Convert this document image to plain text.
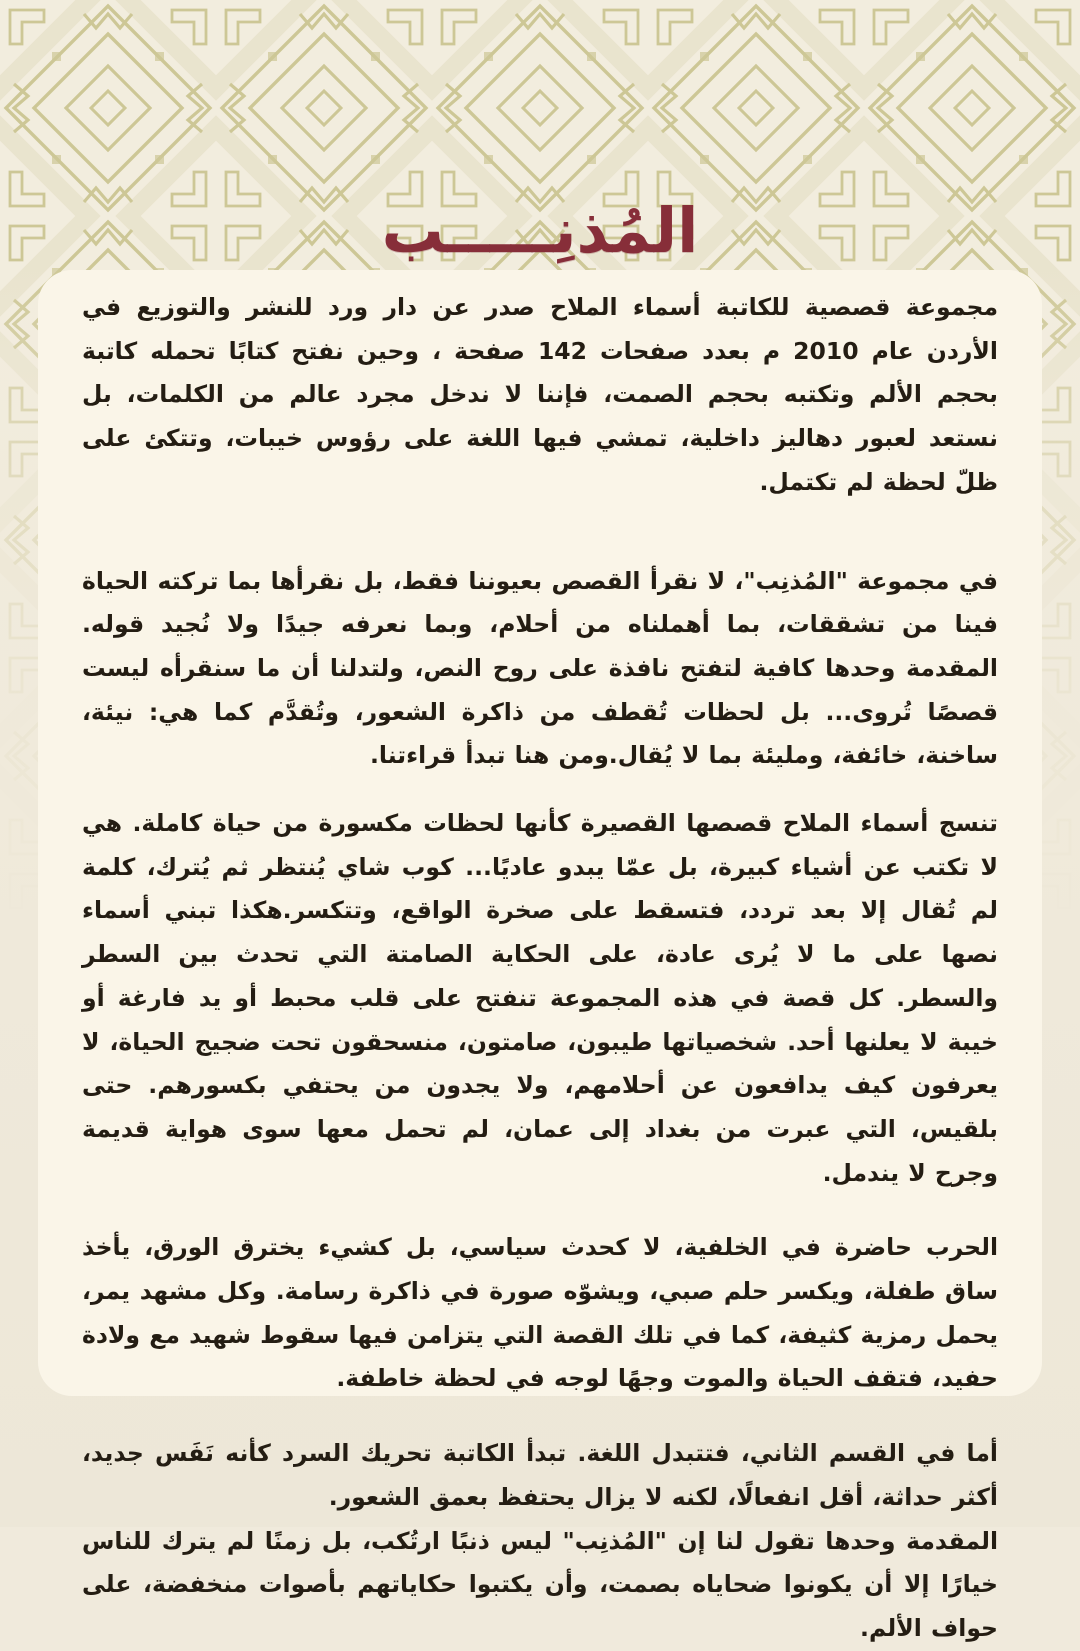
المُذنِـــــب

مجموعة قصصية للكاتبة أسماء الملاح صدر عن دار ورد للنشر والتوزيع في الأردن عام 2010 م بعدد صفحات 142 صفحة ، وحين نفتح كتابًا تحمله كاتبة بحجم الألم وتكتبه بحجم الصمت، فإننا لا ندخل مجرد عالم من الكلمات، بل نستعد لعبور دهاليز داخلية، تمشي فيها اللغة على رؤوس خيبات، وتتكئ على ظلّ لحظة لم تكتمل.

في مجموعة "المُذنِب"، لا نقرأ القصص بعيوننا فقط، بل نقرأها بما تركته الحياة فينا من تشققات، بما أهملناه من أحلام، وبما نعرفه جيدًا ولا نُجيد قوله. المقدمة وحدها كافية لتفتح نافذة على روح النص، ولتدلنا أن ما سنقرأه ليست قصصًا تُروى... بل لحظات تُقطف من ذاكرة الشعور، وتُقدَّم كما هي: نيئة، ساخنة، خائفة، ومليئة بما لا يُقال.ومن هنا تبدأ قراءتنا.

تنسج أسماء الملاح قصصها القصيرة كأنها لحظات مكسورة من حياة كاملة. هي لا تكتب عن أشياء كبيرة، بل عمّا يبدو عاديًا... كوب شاي يُنتظر ثم يُترك، كلمة لم تُقال إلا بعد تردد، فتسقط على صخرة الواقع، وتتكسر.هكذا تبني أسماء نصها على ما لا يُرى عادة، على الحكاية الصامتة التي تحدث بين السطر والسطر. كل قصة في هذه المجموعة تنفتح على قلب محبط أو يد فارغة أو خيبة لا يعلنها أحد. شخصياتها طيبون، صامتون، منسحقون تحت ضجيج الحياة، لا يعرفون كيف يدافعون عن أحلامهم، ولا يجدون من يحتفي بكسورهم. حتى بلقيس، التي عبرت من بغداد إلى عمان، لم تحمل معها سوى هواية قديمة وجرح لا يندمل.

الحرب حاضرة في الخلفية، لا كحدث سياسي، بل كشيء يخترق الورق، يأخذ ساق طفلة، ويكسر حلم صبي، ويشوّه صورة في ذاكرة رسامة. وكل مشهد يمر، يحمل رمزية كثيفة، كما في تلك القصة التي يتزامن فيها سقوط شهيد مع ولادة حفيد، فتقف الحياة والموت وجهًا لوجه في لحظة خاطفة.

أما في القسم الثاني، فتتبدل اللغة. تبدأ الكاتبة تحريك السرد كأنه نَفَس جديد، أكثر حداثة، أقل انفعالًا، لكنه لا يزال يحتفظ بعمق الشعور.

المقدمة وحدها تقول لنا إن "المُذنِب" ليس ذنبًا ارتُكب، بل زمنًا لم يترك للناس خيارًا إلا أن يكونوا ضحاياه بصمت، وأن يكتبوا حكاياتهم بأصوات منخفضة، على حواف الألم.
